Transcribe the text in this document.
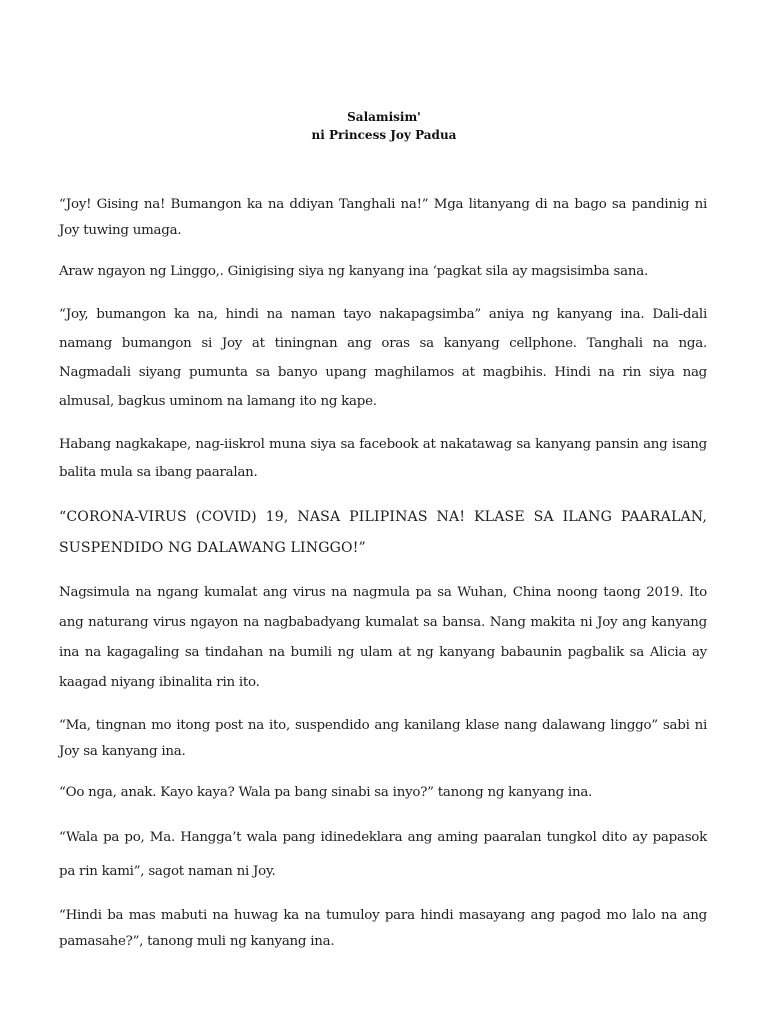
Salamisim'
ni Princess Joy Padua

“Joy! Gising na! Bumangon ka na ddiyan Tanghali na!” Mga litanyang di na bago sa pandinig ni Joy tuwing umaga.

Araw ngayon ng Linggo,. Ginigising siya ng kanyang ina ‘pagkat sila ay magsisimba sana.

“Joy, bumangon ka na, hindi na naman tayo nakapagsimba” aniya ng kanyang ina. Dali-dali namang bumangon si Joy at tiningnan ang oras sa kanyang cellphone. Tanghali na nga. Nagmadali siyang pumunta sa banyo upang maghilamos at magbihis. Hindi na rin siya nag almusal, bagkus uminom na lamang ito ng kape.

Habang nagkakape, nag-iiskrol muna siya sa facebook at nakatawag sa kanyang pansin ang isang balita mula sa ibang paaralan.

“CORONA-VIRUS (COVID) 19, NASA PILIPINAS NA! KLASE SA ILANG PAARALAN, SUSPENDIDO NG DALAWANG LINGGO!”

Nagsimula na ngang kumalat ang virus na nagmula pa sa Wuhan, China noong taong 2019. Ito ang naturang virus ngayon na nagbabadyang kumalat sa bansa. Nang makita ni Joy ang kanyang ina na kagagaling sa tindahan na bumili ng ulam at ng kanyang babaunin pagbalik sa Alicia ay kaagad niyang ibinalita rin ito.

“Ma, tingnan mo itong post na ito, suspendido ang kanilang klase nang dalawang linggo” sabi ni Joy sa kanyang ina.

“Oo nga, anak. Kayo kaya? Wala pa bang sinabi sa inyo?” tanong ng kanyang ina.

“Wala pa po, Ma. Hangga’t wala pang idinedeklara ang aming paaralan tungkol dito ay papasok pa rin kami”, sagot naman ni Joy.

“Hindi ba mas mabuti na huwag ka na tumuloy para hindi masayang ang pagod mo lalo na ang pamasahe?”, tanong muli ng kanyang ina.
